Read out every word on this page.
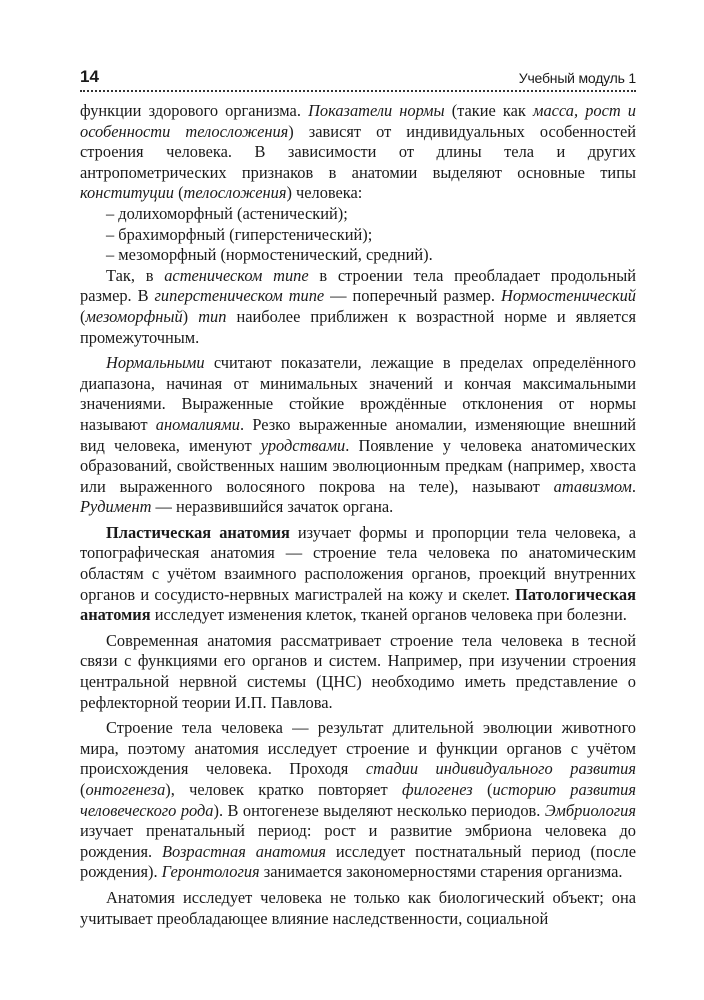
14	Учебный модуль 1

функции здорового организма. Показатели нормы (такие как масса, рост и особенности телосложения) зависят от индивидуальных особенностей строения человека. В зависимости от длины тела и других антропометрических признаков в анатомии выделяют основные типы конституции (телосложения) человека:

– долихоморфный (астенический);
– брахиморфный (гиперстенический);
– мезоморфный (нормостенический, средний).

Так, в астеническом типе в строении тела преобладает продольный размер. В гиперстеническом типе — поперечный размер. Нормостенический (мезоморфный) тип наиболее приближен к возрастной норме и является промежуточным.

Нормальными считают показатели, лежащие в пределах определённого диапазона, начиная от минимальных значений и кончая максимальными значениями. Выраженные стойкие врождённые отклонения от нормы называют аномалиями. Резко выраженные аномалии, изменяющие внешний вид человека, именуют уродствами. Появление у человека анатомических образований, свойственных нашим эволюционным предкам (например, хвоста или выраженного волосяного покрова на теле), называют атавизмом. Рудимент — неразвившийся зачаток органа.

Пластическая анатомия изучает формы и пропорции тела человека, а топографическая анатомия — строение тела человека по анатомическим областям с учётом взаимного расположения органов, проекций внутренних органов и сосудисто-нервных магистралей на кожу и скелет. Патологическая анатомия исследует изменения клеток, тканей органов человека при болезни.

Современная анатомия рассматривает строение тела человека в тесной связи с функциями его органов и систем. Например, при изучении строения центральной нервной системы (ЦНС) необходимо иметь представление о рефлекторной теории И.П. Павлова.

Строение тела человека — результат длительной эволюции животного мира, поэтому анатомия исследует строение и функции органов с учётом происхождения человека. Проходя стадии индивидуального развития (онтогенеза), человек кратко повторяет филогенез (историю развития человеческого рода). В онтогенезе выделяют несколько периодов. Эмбриология изучает пренатальный период: рост и развитие эмбриона человека до рождения. Возрастная анатомия исследует постнатальный период (после рождения). Геронтология занимается закономерностями старения организма.

Анатомия исследует человека не только как биологический объект; она учитывает преобладающее влияние наследственности, социальной
